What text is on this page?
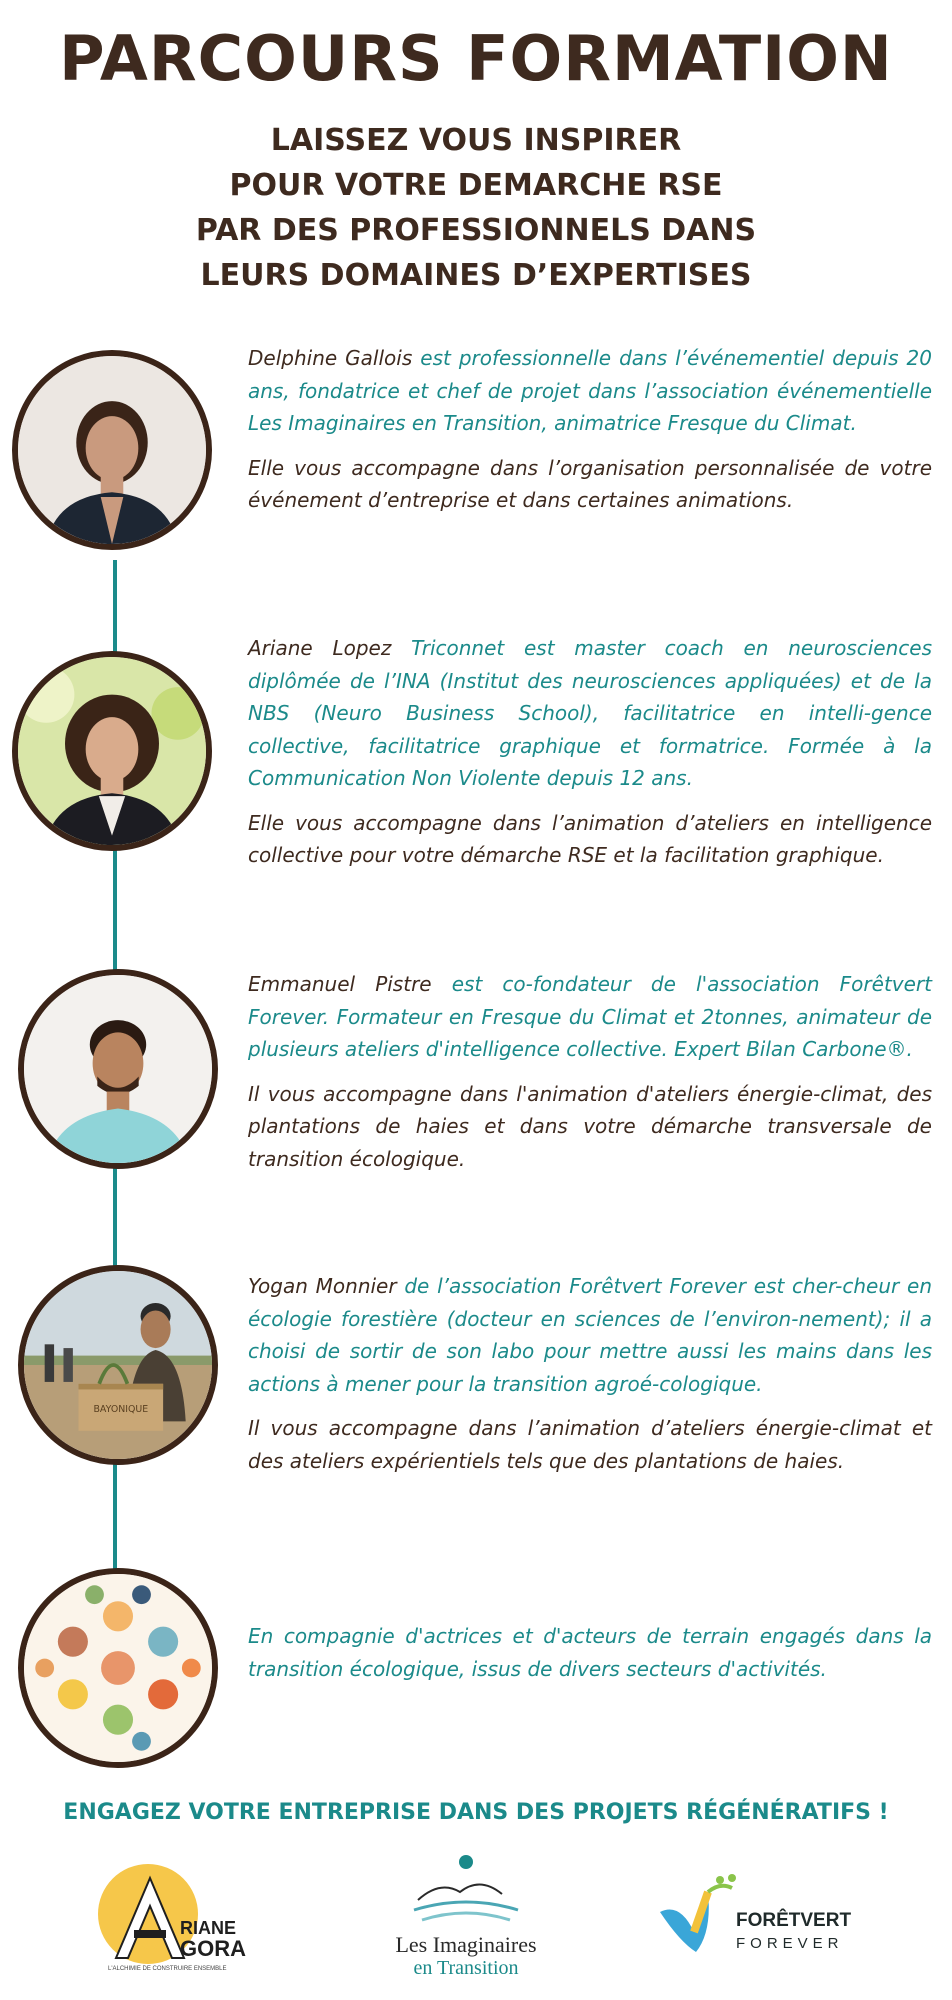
PARCOURS FORMATION
LAISSEZ VOUS INSPIRER
POUR VOTRE DEMARCHE RSE
PAR DES PROFESSIONNELS DANS
LEURS DOMAINES D’EXPERTISES

Delphine Gallois est professionnelle dans l’événementiel depuis 20 ans, fondatrice et chef de projet dans l’association événementielle Les Imaginaires en Transition, animatrice Fresque du Climat.

Elle vous accompagne dans l’organisation personnalisée de votre événement d’entreprise et dans certaines animations.

Ariane Lopez Triconnet est master coach en neurosciences diplômée de l’INA (Institut des neurosciences appliquées) et de la NBS (Neuro Business School), facilitatrice en intelli-gence collective, facilitatrice graphique et formatrice. Formée à la Communication Non Violente depuis 12 ans.

Elle vous accompagne dans l’animation d’ateliers en intelligence collective pour votre démarche RSE et la facilitation graphique.

Emmanuel Pistre est co-fondateur de l'association Forêtvert Forever. Formateur en Fresque du Climat et 2tonnes, animateur de plusieurs ateliers d'intelligence collective. Expert Bilan Carbone®.

Il vous accompagne dans l'animation d'ateliers énergie-climat, des plantations de haies et dans votre démarche transversale de transition écologique.

BAYONIQUE

Yogan Monnier de l’association Forêtvert Forever est cher-cheur en écologie forestière (docteur en sciences de l’environ-nement); il a choisi de sortir de son labo pour mettre aussi les mains dans les actions à mener pour la transition agroé-cologique.

Il vous accompagne dans l’animation d’ateliers énergie-climat et des ateliers expérientiels tels que des plantations de haies.

En compagnie d'actrices et d'acteurs de terrain engagés dans la transition écologique, issus de divers secteurs d'activités.

ENGAGEZ VOTRE ENTREPRISE DANS DES PROJETS RÉGÉNÉRATIFS !
RIANE
GORA
L'ALCHIMIE DE CONSTRUIRE ENSEMBLE
Les Imaginaires
en Transition
FORÊTVERT
FOREVER
